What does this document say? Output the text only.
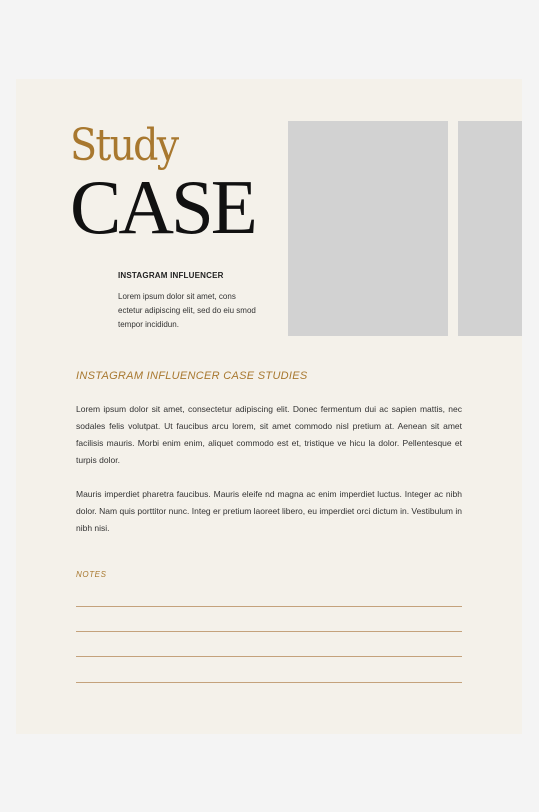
Study
CASE
INSTAGRAM INFLUENCER
Lorem ipsum dolor sit amet, cons ectetur adipiscing elit, sed do eiu smod tempor incididun.
INSTAGRAM INFLUENCER CASE STUDIES
Lorem ipsum dolor sit amet, consectetur adipiscing elit. Donec fermentum dui ac sapien mattis, nec sodales felis volutpat. Ut faucibus arcu lorem, sit amet commodo nisl pretium at. Aenean sit amet facilisis mauris. Morbi enim enim, aliquet commodo est et, tristique ve hicu la dolor. Pellentesque et turpis dolor.
Mauris imperdiet pharetra faucibus. Mauris eleife nd magna ac enim imperdiet luctus. Integer ac nibh dolor. Nam quis porttitor nunc. Integ er pretium laoreet libero, eu imperdiet orci dictum in. Vestibulum in nibh nisi.
NOTES
